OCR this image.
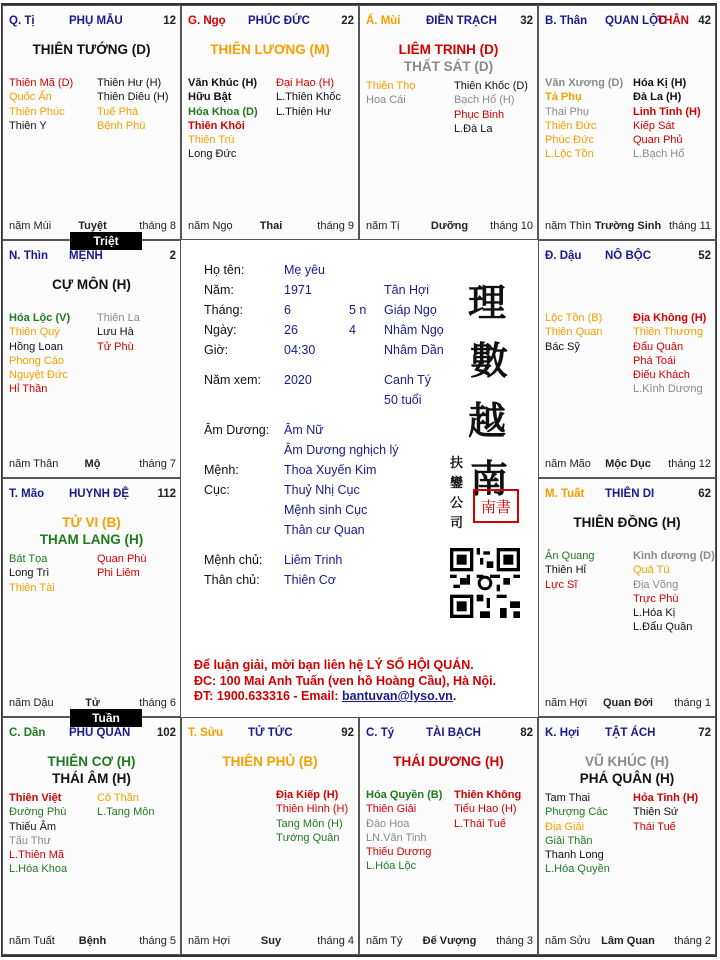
Q. Tị	PHỤ MẪU	12
THIÊN TƯỚNG (D)
Thiên Mã (D)
Quốc Ấn
Thiên Phúc
Thiên Y
Thiên Hư (H)
Thiên Diêu (H)
Tuế Phá
Bệnh Phù
năm Mùi	Tuyệt	tháng 8
G. Ngọ PHÚC ĐỨC	22
THIÊN LƯƠNG (M)
Văn Khúc (H)
Hữu Bật
Hóa Khoa (D)
Thiên Khôi
Thiên Trù
Long Đức
Đại Hao (H)
L.Thiên Khốc
L.Thiên Hư
năm Ngọ	Thai	tháng 9
Ấ. Mùi ĐIỀN TRẠCH 32
LIÊM TRINH (D)
THẤT SÁT (D)
Thiên Thọ
Hoa Cái
Thiên Khốc (D)
Bạch Hổ (H)
Phục Binh
L.Đà La
năm Tị	Dưỡng	tháng 10
B. Thân QUAN LỘC
THÂN 42
Văn Xương (D)
Tả Phụ
Thai Phụ
Thiên Đức
Phúc Đức
L.Lộc Tồn
Hóa Kị (H)
Đà La (H)
Linh Tinh (H)
Kiếp Sát
Quan Phủ
L.Bạch Hổ
năm Thìn Trường Sinh tháng 11
N. Thìn MỆNH	2
CỰ MÔN (H)
Hóa Lộc (V)
Thiên Quý
Hồng Loan
Phong Cáo
Nguyệt Đức
Hỉ Thần
Thiên La
Lưu Hà
Tử Phù
năm Thân	Mộ	tháng 7
Đ. Dậu NÔ BỘC	52
Lộc Tồn (B)
Thiên Quan
Bác Sỹ
Địa Không (H)
Thiên Thương
Đẩu Quân
Phá Toái
Điếu Khách
L.Kình Dương
năm Mão	Mộc Dục	tháng 12
T. Mão HUYNH ĐỆ 112
TỬ VI (B)
THAM LANG (H)
Bát Tọa
Long Trì
Thiên Tài
Quan Phù
Phi Liêm
năm Dậu	Tử	tháng 6
M. Tuất THIÊN DI	62
THIÊN ĐỒNG (H)
Ân Quang
Thiên Hỉ
Lực Sĩ
Kình dương (D)
Quả Tú
Địa Võng
Trực Phù
L.Hóa Kị
L.Đẩu Quân
năm Hợi	Quan Đới	tháng 1
C. Dần PHU QUÂN 102
THIÊN CƠ (H)
THÁI ÂM (H)
Thiên Việt
Đường Phù
Thiếu Âm
Tấu Thư
L.Thiên Mã
L.Hóa Khoa
Cô Thần
L.Tang Môn
năm Tuất	Bệnh	tháng 5
T. Sửu TỬ TỨC	92
THIÊN PHỦ (B)
Địa Kiếp (H)
Thiên Hình (H)
Tang Môn (H)
Tướng Quân
năm Hợi	Suy	tháng 4
C. Tý	TÀI BẠCH	82
THÁI DƯƠNG (H)
Hóa Quyền (B)
Thiên Giải
Đào Hoa
LN.Văn Tinh
Thiếu Dương
L.Hóa Lộc
Thiên Không
Tiểu Hao (H)
L.Thái Tuế
năm Tý	Đế Vượng	tháng 3
K. Hợi TẬT ÁCH	72
VŨ KHÚC (H)
PHÁ QUÂN (H)
Tam Thai
Phượng Các
Địa Giải
Giải Thần
Thanh Long
L.Hóa Quyền
Hỏa Tinh (H)
Thiên Sứ
Thái Tuế
năm Sửu Lâm Quan	tháng 2
Triệt
Tuần
Họ tên:	Mẹ yêu
Năm:	1971	Tân Hợi
Tháng:	6	5 n Giáp Ngọ
Ngày:	26	4 Nhâm Ngọ
Giờ:	04:30	Nhâm Dần
Năm xem: 2020	Canh Tý
50 tuổi
Âm Dương: Âm Nữ
Âm Dương nghịch lý
Mệnh:	Thoa Xuyến Kim
Cục:	Thuỷ Nhị Cục
Mệnh sinh Cục
Thân cư Quan
Mệnh chủ: Liêm Trinh
Thân chủ: Thiên Cơ
理
數
越
南
扶
鑾
公
司
南書
Để luận giải, mời bạn liên hệ LÝ SỐ HỘI QUÁN.
ĐC: 100 Mai Anh Tuấn (ven hồ Hoàng Cầu), Hà Nội.
ĐT: 1900.633316 - Email: bantuvan@lyso.vn.
